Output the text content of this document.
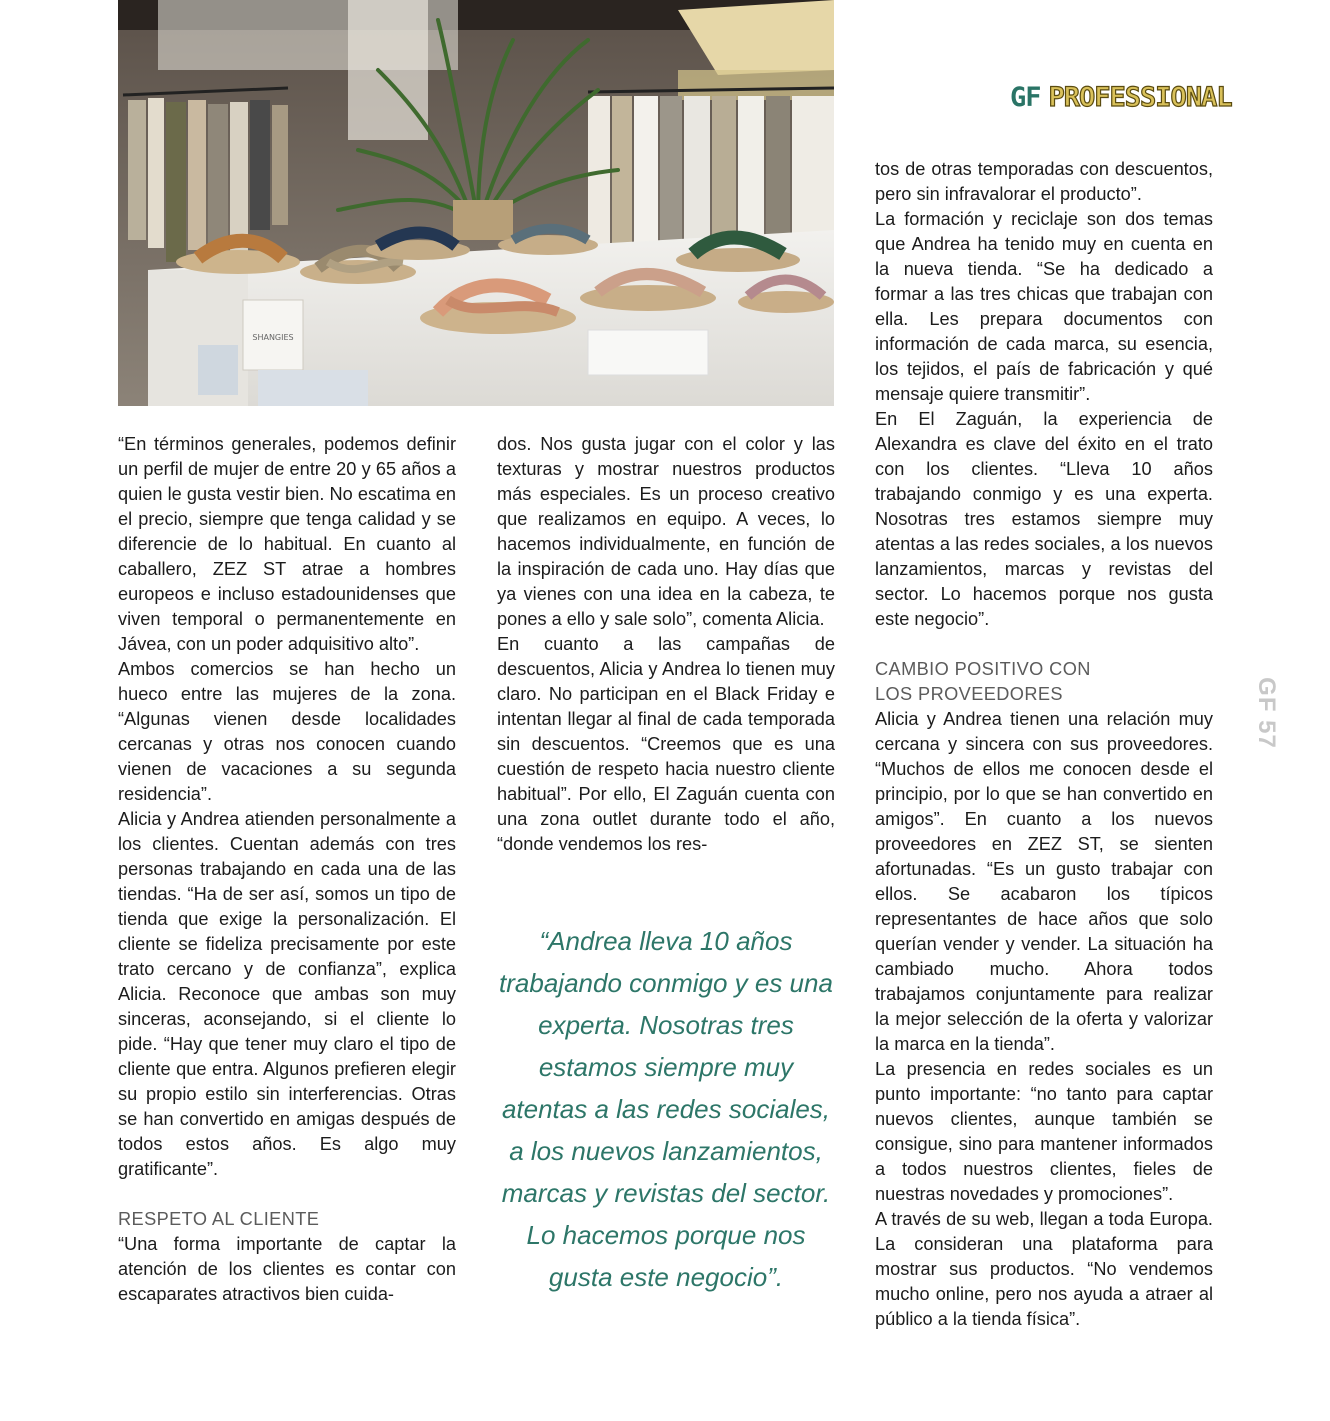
SHANGIES
GF PROFESSIONAL
GF 57

“En términos generales, podemos definir un perfil de mujer de entre 20 y 65 años a quien le gusta vestir bien. No escatima en el precio, siempre que tenga calidad y se diferencie de lo habitual. En cuanto al caballero, ZEZ ST atrae a hombres europeos e incluso estadounidenses que viven temporal o permanentemente en Jávea, con un poder adquisitivo alto”.

Ambos comercios se han hecho un hueco entre las mujeres de la zona. “Algunas vienen desde localidades cercanas y otras nos conocen cuando vienen de vacaciones a su segunda residencia”.

Alicia y Andrea atienden personalmente a los clientes. Cuentan además con tres personas trabajando en cada una de las tiendas. “Ha de ser así, somos un tipo de tienda que exige la personalización. El cliente se fideliza precisamente por este trato cercano y de confianza”, explica Alicia. Reconoce que ambas son muy sinceras, aconsejando, si el cliente lo pide. “Hay que tener muy claro el tipo de cliente que entra. Algunos prefieren elegir su propio estilo sin interferencias. Otras se han convertido en amigas después de todos estos años. Es algo muy gratificante”.

RESPETO AL CLIENTE

“Una forma importante de captar la atención de los clientes es contar con escaparates atractivos bien cuida-

dos. Nos gusta jugar con el color y las texturas y mostrar nuestros productos más especiales. Es un proceso creativo que realizamos en equipo. A veces, lo hacemos individualmente, en función de la inspiración de cada uno. Hay días que ya vienes con una idea en la cabeza, te pones a ello y sale solo”, comenta Alicia.

En cuanto a las campañas de descuentos, Alicia y Andrea lo tienen muy claro. No participan en el Black Friday e intentan llegar al final de cada temporada sin descuentos. “Creemos que es una cuestión de respeto hacia nuestro cliente habitual”. Por ello, El Zaguán cuenta con una zona outlet durante todo el año, “donde vendemos los res-

“Andrea lleva 10 años trabajando conmigo y es una experta. Nosotras tres estamos siempre muy atentas a las redes sociales, a los nuevos lanzamientos, marcas y revistas del sector. Lo hacemos porque nos gusta este negocio”.

tos de otras temporadas con descuentos, pero sin infravalorar el producto”.

La formación y reciclaje son dos temas que Andrea ha tenido muy en cuenta en la nueva tienda. “Se ha dedicado a formar a las tres chicas que trabajan con ella. Les prepara documentos con información de cada marca, su esencia, los tejidos, el país de fabricación y qué mensaje quiere transmitir”.

En El Zaguán, la experiencia de Alexandra es clave del éxito en el trato con los clientes. “Lleva 10 años trabajando conmigo y es una experta. Nosotras tres estamos siempre muy atentas a las redes sociales, a los nuevos lanzamientos, marcas y revistas del sector. Lo hacemos porque nos gusta este negocio”.

CAMBIO POSITIVO CON
LOS PROVEEDORES

Alicia y Andrea tienen una relación muy cercana y sincera con sus proveedores. “Muchos de ellos me conocen desde el principio, por lo que se han convertido en amigos”. En cuanto a los nuevos proveedores en ZEZ ST, se sienten afortunadas. “Es un gusto trabajar con ellos. Se acabaron los típicos representantes de hace años que solo querían vender y vender. La situación ha cambiado mucho. Ahora todos trabajamos conjuntamente para realizar la mejor selección de la oferta y valorizar la marca en la tienda”.

La presencia en redes sociales es un punto importante: “no tanto para captar nuevos clientes, aunque también se consigue, sino para mantener informados a todos nuestros clientes, fieles de nuestras novedades y promociones”.

A través de su web, llegan a toda Europa. La consideran una plataforma para mostrar sus productos. “No vendemos mucho online, pero nos ayuda a atraer al público a la tienda física”.
